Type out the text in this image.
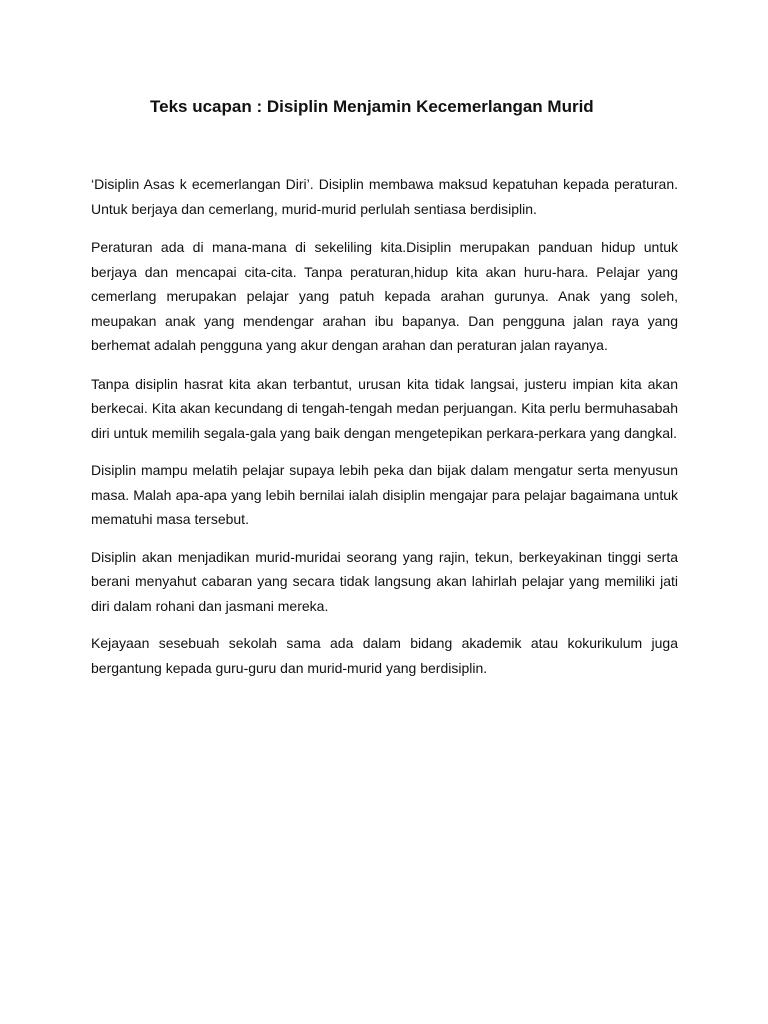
Teks ucapan : Disiplin Menjamin Kecemerlangan Murid

‘Disiplin Asas k ecemerlangan Diri’. Disiplin membawa maksud kepatuhan kepada peraturan. Untuk berjaya dan cemerlang, murid-murid perlulah sentiasa berdisiplin.

Peraturan ada di mana-mana di sekeliling kita.Disiplin merupakan panduan hidup untuk berjaya dan mencapai cita-cita. Tanpa peraturan,hidup kita akan huru-hara. Pelajar yang cemerlang merupakan pelajar yang patuh kepada arahan gurunya. Anak yang soleh, meupakan anak yang mendengar arahan ibu bapanya. Dan pengguna jalan raya yang berhemat adalah pengguna yang akur dengan arahan dan peraturan jalan rayanya.

Tanpa disiplin hasrat kita akan terbantut, urusan kita tidak langsai, justeru impian kita akan berkecai. Kita akan kecundang di tengah-tengah medan perjuangan. Kita perlu bermuhasabah diri untuk memilih segala-gala yang baik dengan mengetepikan perkara-perkara yang dangkal.

Disiplin mampu melatih pelajar supaya lebih peka dan bijak dalam mengatur serta menyusun masa. Malah apa-apa yang lebih bernilai ialah disiplin mengajar para pelajar bagaimana untuk mematuhi masa tersebut.

Disiplin akan menjadikan murid-muridai seorang yang rajin, tekun, berkeyakinan tinggi serta berani menyahut cabaran yang secara tidak langsung akan lahirlah pelajar yang memiliki jati diri dalam rohani dan jasmani mereka.

Kejayaan sesebuah sekolah sama ada dalam bidang akademik atau kokurikulum juga bergantung kepada guru-guru dan murid-murid yang berdisiplin.
